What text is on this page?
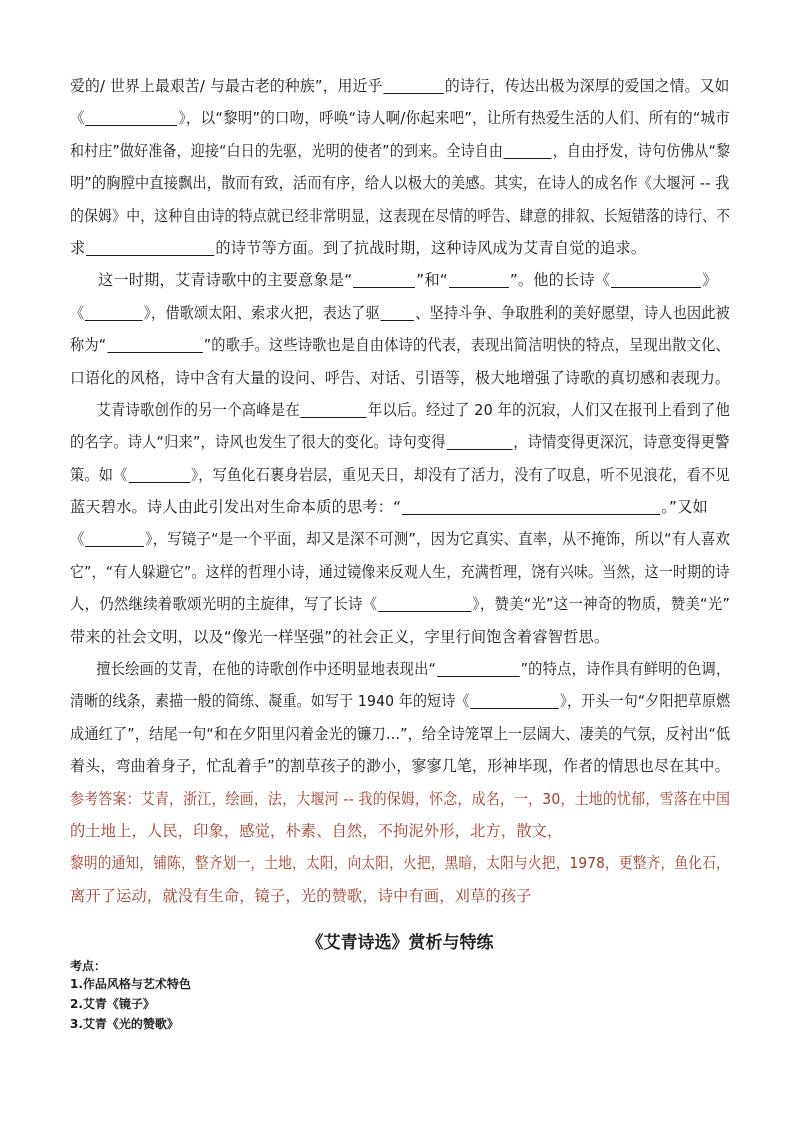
爱的/ 世界上最艰苦/ 与最古老的种族”，用近乎	的诗行，传达出极为深厚的爱国之情。又如
《	》，以“黎明”的口吻，呼唤“诗人啊/你起来吧”，让所有热爱生活的人们、所有的“城市
和村庄”做好准备，迎接“白日的先驱，光明的使者”的到来。全诗自由	，自由抒发，诗句仿佛从“黎
明”的胸膛中直接飘出，散而有致，活而有序，给人以极大的美感。其实，在诗人的成名作《大堰河 -- 我
的保姆》中，这种自由诗的特点就已经非常明显，这表现在尽情的呼告、肆意的排叙、长短错落的诗行、不
求	的诗节等方面。到了抗战时期，这种诗风成为艾青自觉的追求。
这一时期，艾青诗歌中的主要意象是“	”和“	”。他的长诗《	》
《	》，借歌颂太阳、索求火把，表达了驱 、坚持斗争、争取胜利的美好愿望，诗人也因此被
称为“	”的歌手。这些诗歌也是自由体诗的代表，表现出简洁明快的特点，呈现出散文化、
口语化的风格，诗中含有大量的设问、呼告、对话、引语等，极大地增强了诗歌的真切感和表现力。
艾青诗歌创作的另一个高峰是在	年以后。经过了 20 年的沉寂，人们又在报刊上看到了他
的名字。诗人“归来”，诗风也发生了很大的变化。诗句变得	，诗情变得更深沉，诗意变得更警
策。如《	》，写鱼化石裹身岩层，重见天日，却没有了活力，没有了叹息，听不见浪花，看不见
蓝天碧水。诗人由此引发出对生命本质的思考：“	。”又如
《	》，写镜子“是一个平面，却又是深不可测”，因为它真实、直率，从不掩饰，所以“有人喜欢
它”，“有人躲避它”。这样的哲理小诗，通过镜像来反观人生，充满哲理，饶有兴味。当然，这一时期的诗
人，仍然继续着歌颂光明的主旋律，写了长诗《	》，赞美“光”这一神奇的物质，赞美“光”
带来的社会文明，以及“像光一样坚强”的社会正义，字里行间饱含着睿智哲思。
擅长绘画的艾青，在他的诗歌创作中还明显地表现出“	”的特点，诗作具有鲜明的色调，
清晰的线条，素描一般的简练、凝重。如写于 1940 年的短诗《	》，开头一句“夕阳把草原燃
成通红了”，结尾一句“和在夕阳里闪着金光的镰刀…”，给全诗笼罩上一层阔大、凄美的气氛，反衬出“低
着头，弯曲着身子，忙乱着手”的割草孩子的渺小，寥寥几笔，形神毕现，作者的情思也尽在其中。
参考答案：艾青，浙江，绘画，法，大堰河 -- 我的保姆，怀念，成名，一，30，土地的忧郁，雪落在中国
的土地上，人民，印象，感觉，朴素、自然，不拘泥外形，北方，散文，
黎明的通知，铺陈，整齐划一，土地，太阳，向太阳，火把，黑暗，太阳与火把，1978，更整齐，鱼化石，
离开了运动，就没有生命，镜子，光的赞歌，诗中有画，刈草的孩子
《艾青诗选》赏析与特练
考点：
1.作品风格与艺术特色
2.艾青《镜子》
3.艾青《光的赞歌》
